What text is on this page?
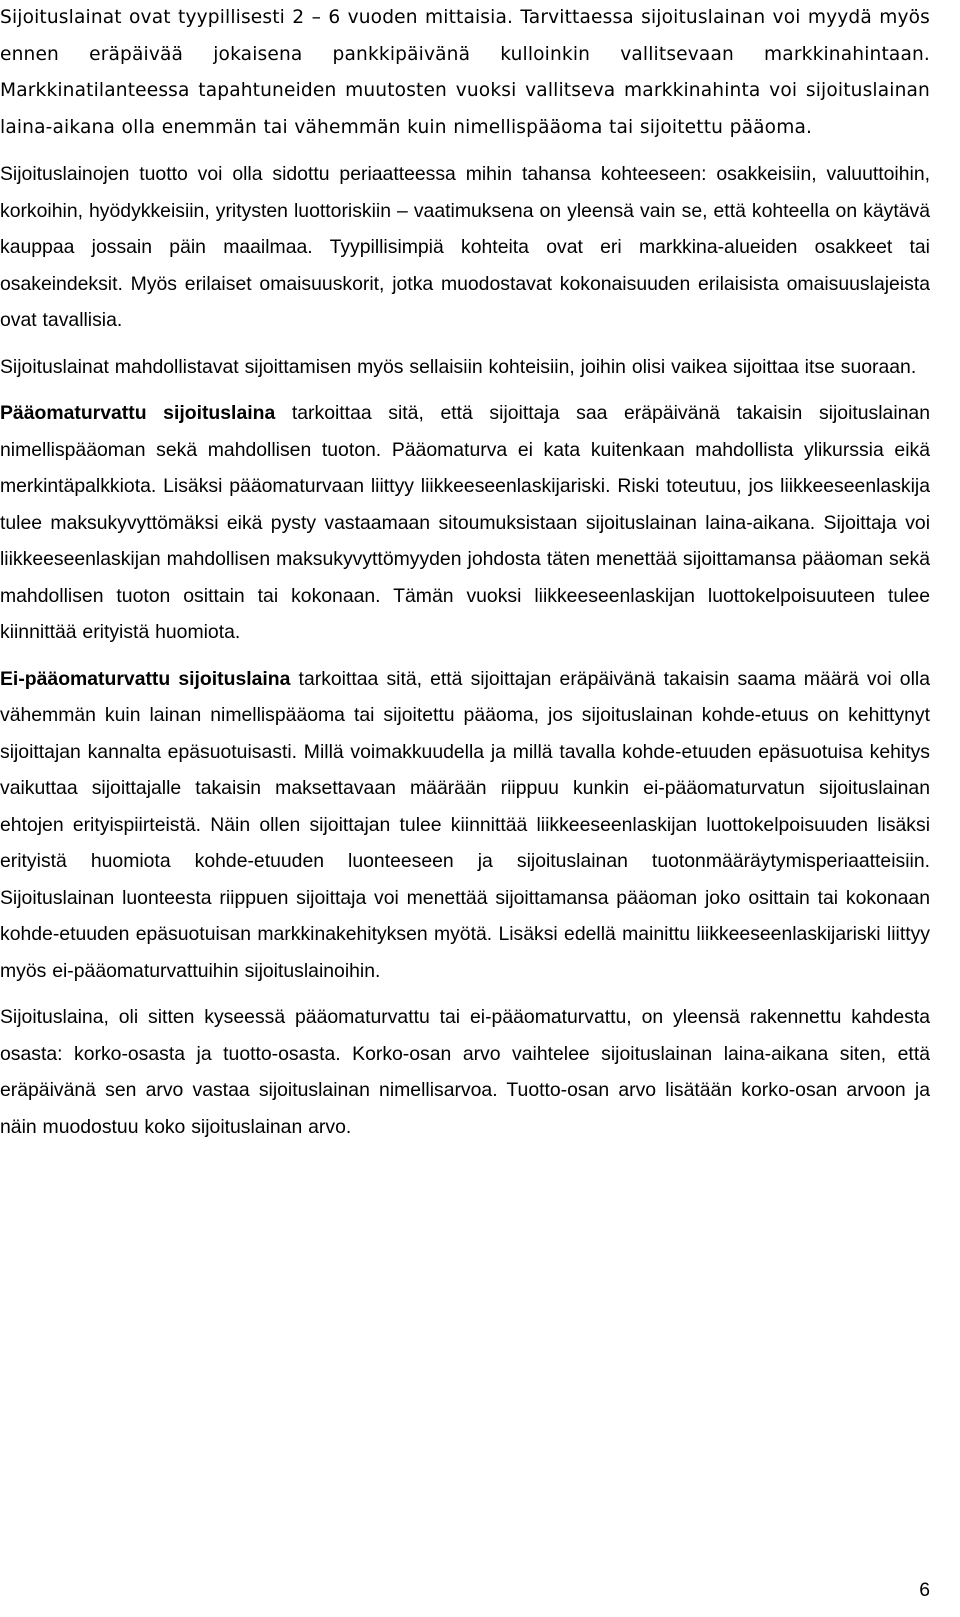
Sijoituslainat ovat tyypillisesti 2 – 6 vuoden mittaisia. Tarvittaessa sijoituslainan voi myydä myös ennen eräpäivää jokaisena pankkipäivänä kulloinkin vallitsevaan markkinahintaan. Markkinatilanteessa tapahtuneiden muutosten vuoksi vallitseva markkinahinta voi sijoituslainan laina-aikana olla enemmän tai vähemmän kuin nimellispääoma tai sijoitettu pääoma.

Sijoituslainojen tuotto voi olla sidottu periaatteessa mihin tahansa kohteeseen: osakkeisiin, valuuttoihin, korkoihin, hyödykkeisiin, yritysten luottoriskiin – vaatimuksena on yleensä vain se, että kohteella on käytävä kauppaa jossain päin maailmaa. Tyypillisimpiä kohteita ovat eri markkina-alueiden osakkeet tai osakeindeksit. Myös erilaiset omaisuuskorit, jotka muodostavat kokonaisuuden erilaisista omaisuuslajeista ovat tavallisia.

Sijoituslainat mahdollistavat sijoittamisen myös sellaisiin kohteisiin, joihin olisi vaikea sijoittaa itse suoraan.

Pääomaturvattu sijoituslaina tarkoittaa sitä, että sijoittaja saa eräpäivänä takaisin sijoituslainan nimellispääoman sekä mahdollisen tuoton. Pääomaturva ei kata kuitenkaan mahdollista ylikurssia eikä merkintäpalkkiota. Lisäksi pääomaturvaan liittyy liikkeeseenlaskijariski. Riski toteutuu, jos liikkeeseenlaskija tulee maksukyvyttömäksi eikä pysty vastaamaan sitoumuksistaan sijoituslainan laina-aikana. Sijoittaja voi liikkeeseenlaskijan mahdollisen maksukyvyttömyyden johdosta täten menettää sijoittamansa pääoman sekä mahdollisen tuoton osittain tai kokonaan. Tämän vuoksi liikkeeseenlaskijan luottokelpoisuuteen tulee kiinnittää erityistä huomiota.

Ei-pääomaturvattu sijoituslaina tarkoittaa sitä, että sijoittajan eräpäivänä takaisin saama määrä voi olla vähemmän kuin lainan nimellispääoma tai sijoitettu pääoma, jos sijoituslainan kohde-etuus on kehittynyt sijoittajan kannalta epäsuotuisasti. Millä voimakkuudella ja millä tavalla kohde-etuuden epäsuotuisa kehitys vaikuttaa sijoittajalle takaisin maksettavaan määrään riippuu kunkin ei-pääomaturvatun sijoituslainan ehtojen erityispiirteistä. Näin ollen sijoittajan tulee kiinnittää liikkeeseenlaskijan luottokelpoisuuden lisäksi erityistä huomiota kohde-etuuden luonteeseen ja sijoituslainan tuotonmääräytymisperiaatteisiin. Sijoituslainan luonteesta riippuen sijoittaja voi menettää sijoittamansa pääoman joko osittain tai kokonaan kohde-etuuden epäsuotuisan markkinakehityksen myötä. Lisäksi edellä mainittu liikkeeseenlaskijariski liittyy myös ei-pääomaturvattuihin sijoituslainoihin.

Sijoituslaina, oli sitten kyseessä pääomaturvattu tai ei-pääomaturvattu, on yleensä rakennettu kahdesta osasta: korko-osasta ja tuotto-osasta. Korko-osan arvo vaihtelee sijoituslainan laina-aikana siten, että eräpäivänä sen arvo vastaa sijoituslainan nimellisarvoa. Tuotto-osan arvo lisätään korko-osan arvoon ja näin muodostuu koko sijoituslainan arvo.

6
